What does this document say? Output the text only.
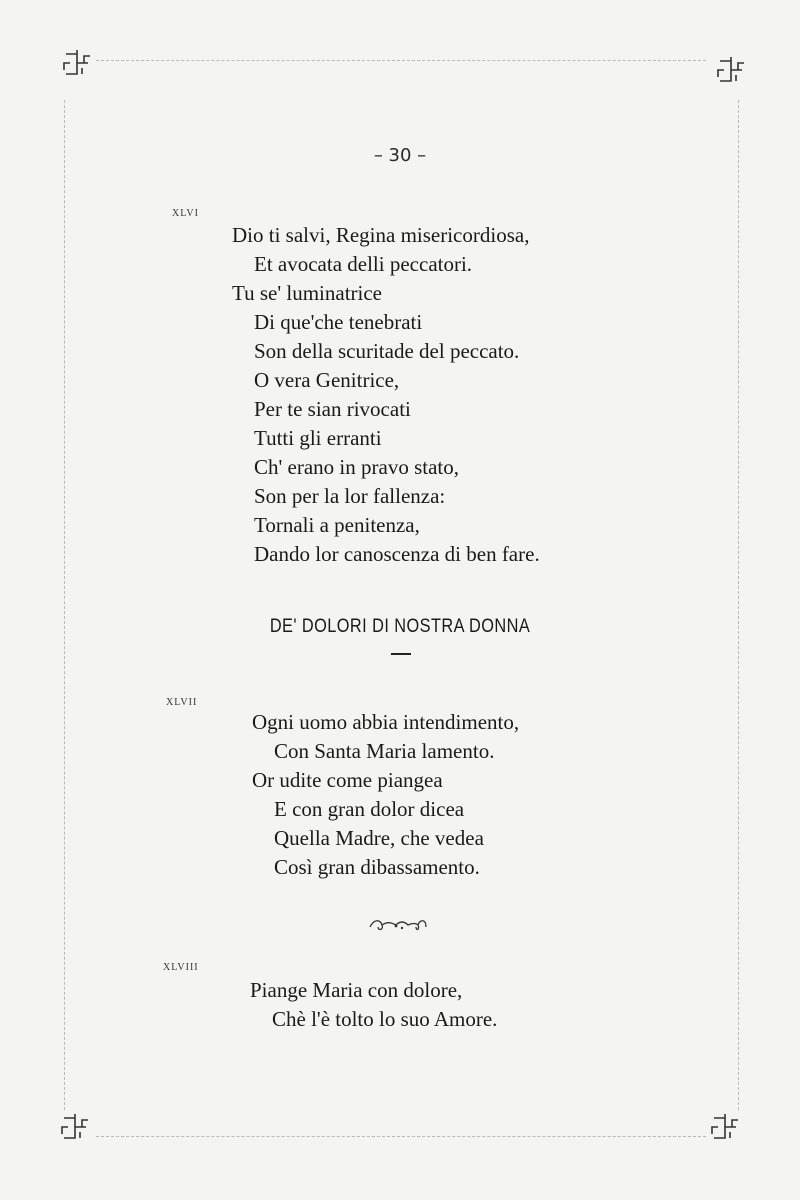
– 30 –
XLVI
Dio ti salvi, Regina misericordiosa,
Et avocata delli peccatori.
Tu se' luminatrice
Di que'che tenebrati
Son della scuritade del peccato.
O vera Genitrice,
Per te sian rivocati
Tutti gli erranti
Ch' erano in pravo stato,
Son per la lor fallenza:
Tornali a penitenza,
Dando lor canoscenza di ben fare.
DE' DOLORI DI NOSTRA DONNA
XLVII
Ogni uomo abbia intendimento,
Con Santa Maria lamento.
Or udite come piangea
E con gran dolor dicea
Quella Madre, che vedea
Così gran dibassamento.
XLVIII
Piange Maria con dolore,
Chè l'è tolto lo suo Amore.
